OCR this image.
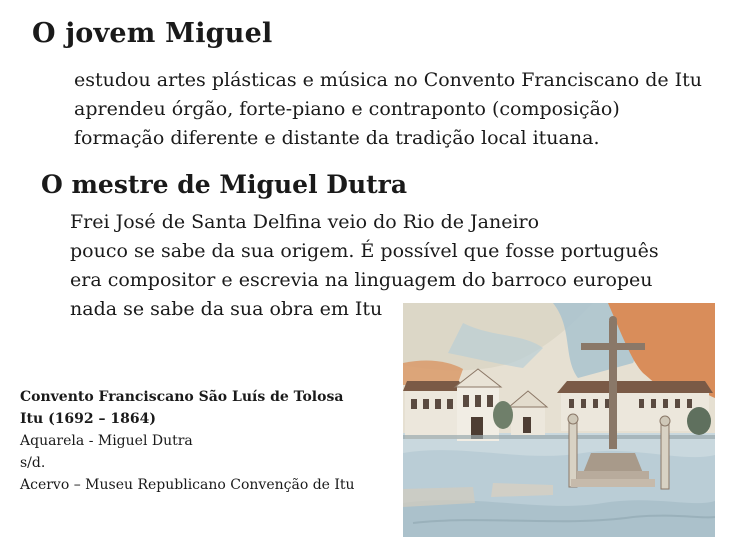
O jovem Miguel

estudou artes plásticas e música no Convento Franciscano de Itu

aprendeu órgão, forte-piano e contraponto (composição)

formação diferente e distante da tradição local ituana.

O mestre de Miguel Dutra

Frei José de Santa Delfina veio do Rio de Janeiro

pouco se sabe da sua origem. É possível que fosse português

era compositor e escrevia na linguagem do barroco europeu

nada se sabe da sua obra em Itu

Convento Franciscano São Luís de Tolosa

Itu (1692 – 1864)

Aquarela - Miguel Dutra

s/d.

Acervo – Museu Republicano Convenção de Itu
